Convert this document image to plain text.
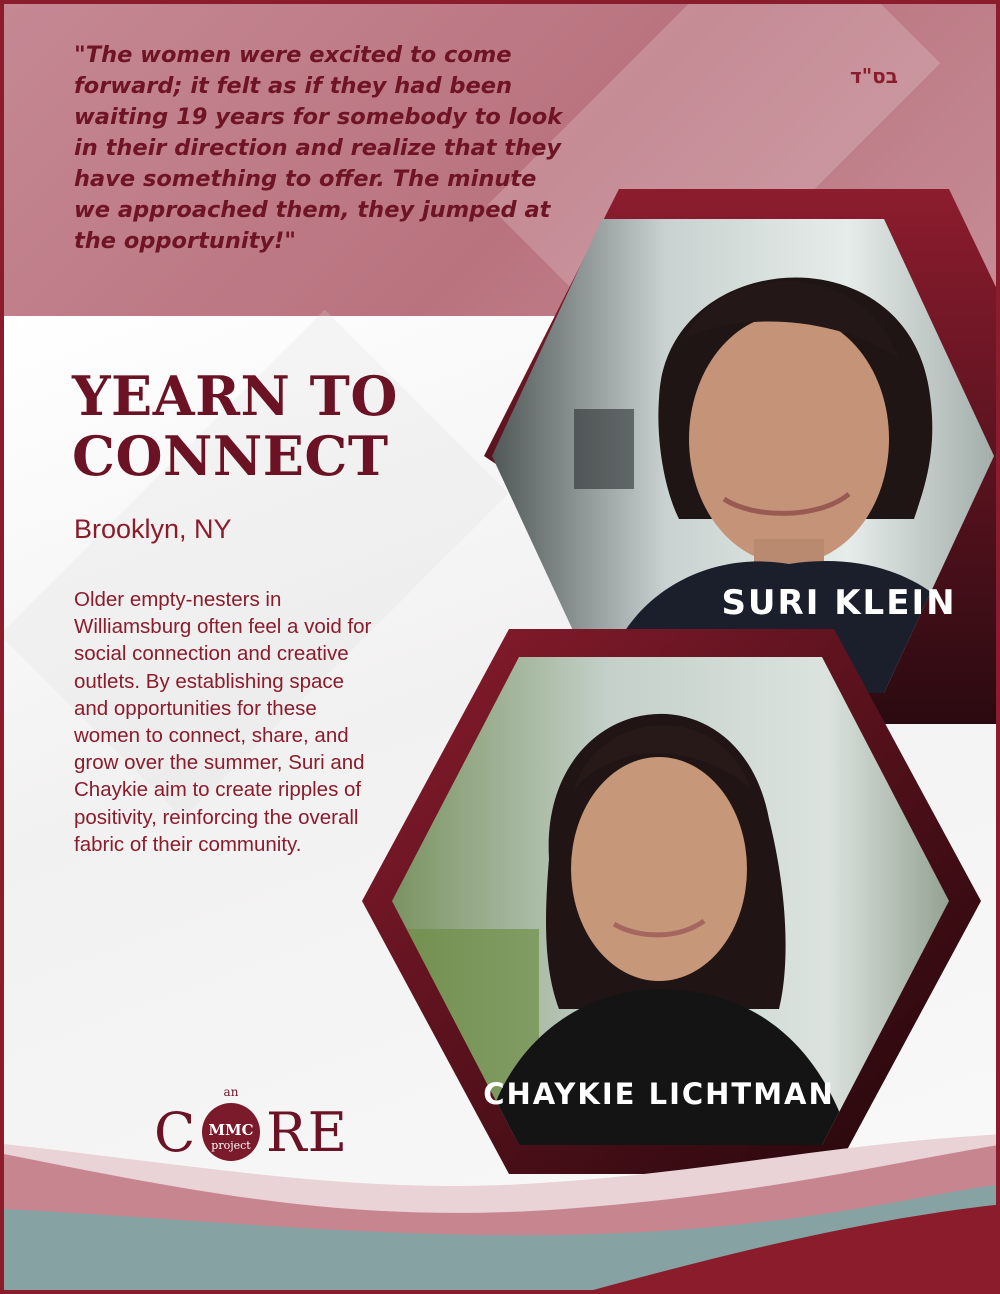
"The women were excited to come forward; it felt as if they had been waiting 19 years for somebody to look in their direction and realize that they have something to offer. The minute we approached them, they jumped at the opportunity!"

בס"ד
YEARN TO
CONNECT
Brooklyn, NY

Older empty-nesters in Williamsburg often feel a void for social connection and creative outlets. By establishing space and opportunities for these women to connect, share, and grow over the summer, Suri and Chaykie aim to create ripples of positivity, reinforcing the overall fabric of their community.

SURI KLEIN
CHAYKIE LICHTMAN
C
an
MMC
project RE
